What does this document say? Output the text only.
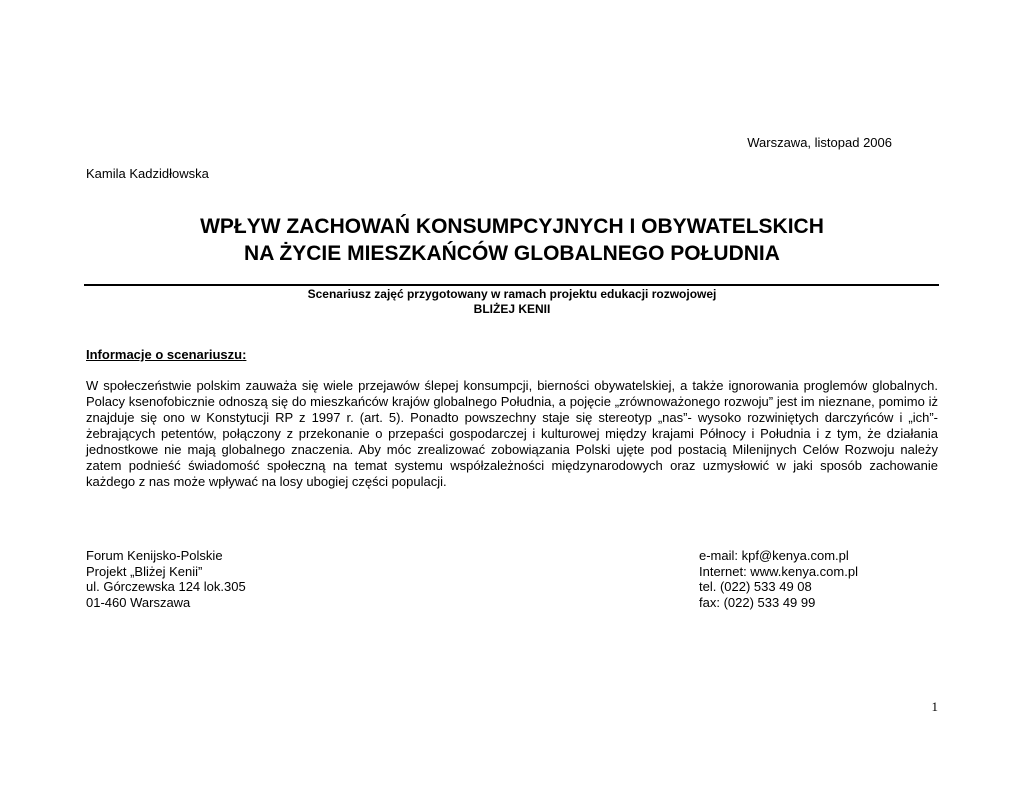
Warszawa, listopad 2006
Kamila Kadzidłowska
WPŁYW ZACHOWAŃ KONSUMPCYJNYCH I OBYWATELSKICH
NA ŻYCIE MIESZKAŃCÓW GLOBALNEGO POŁUDNIA
Scenariusz zajęć przygotowany w ramach projektu edukacji rozwojowej
BLIŻEJ KENII
Informacje o scenariuszu:

W społeczeństwie polskim zauważa się wiele przejawów ślepej konsumpcji, bierności obywatelskiej, a także ignorowania proglemów globalnych. Polacy ksenofobicznie odnoszą się do mieszkańców krajów globalnego Południa, a pojęcie „zrównoważonego rozwoju” jest im nieznane, pomimo iż znajduje się ono w Konstytucji RP z 1997 r. (art. 5). Ponadto powszechny staje się stereotyp „nas”- wysoko rozwiniętych darczyńców i „ich”- żebrających petentów, połączony z przekonanie o przepaści gospodarczej i kulturowej między krajami Północy i Południa i z tym, że działania jednostkowe nie mają globalnego znaczenia. Aby móc zrealizować zobowiązania Polski ujęte pod postacią Milenijnych Celów Rozwoju należy zatem podnieść świadomość społeczną na temat systemu współzależności międzynarodowych oraz uzmysłowić w jaki sposób zachowanie każdego z nas może wpływać na losy ubogiej części populacji.

Forum Kenijsko-Polskie
Projekt „Bliżej Kenii”
ul. Górczewska 124 lok.305
01-460 Warszawa
e-mail: kpf@kenya.com.pl
Internet: www.kenya.com.pl
tel. (022) 533 49 08
fax: (022) 533 49 99
1
